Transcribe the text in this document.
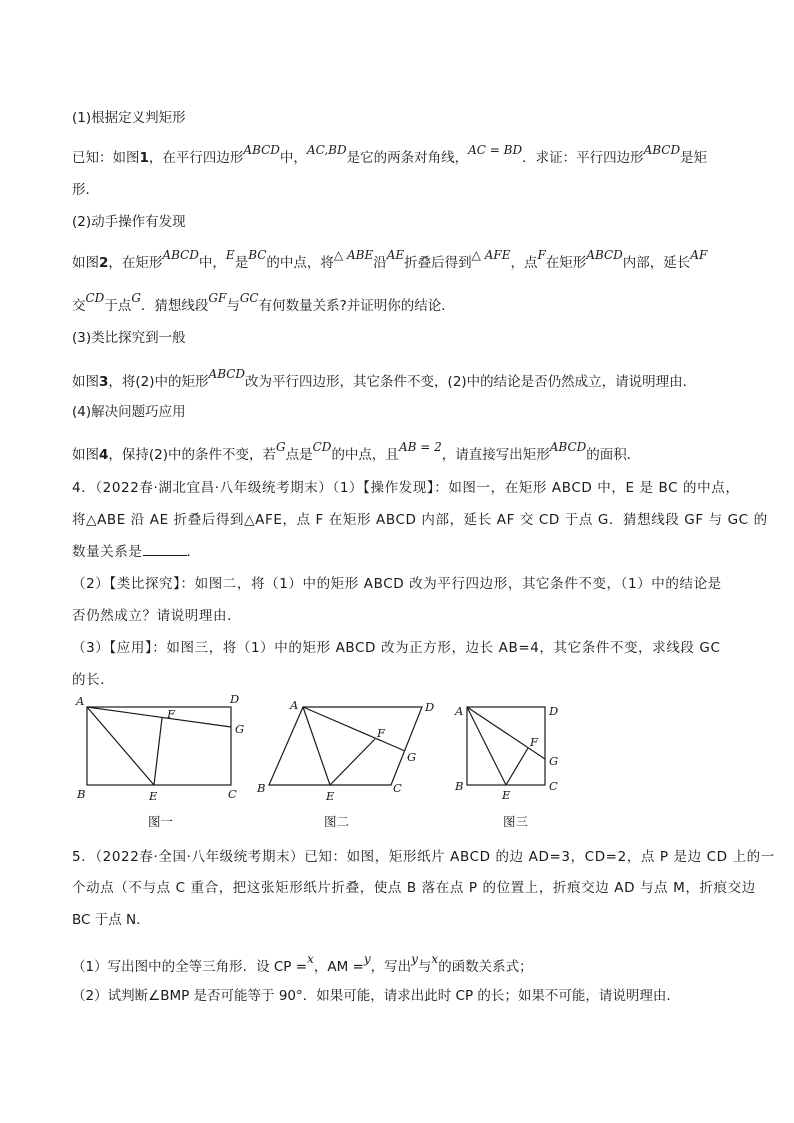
(1)根据定义判矩形
已知：如图1，在平行四边形ABCD中，AC,BD是它的两条对角线，AC = BD．求证：平行四边形ABCD是矩
形．
(2)动手操作有发现
如图2，在矩形ABCD中，E是BC的中点，将△ ABE沿AE折叠后得到△ AFE，点F在矩形ABCD内部，延长AF
交CD于点G．猜想线段GF与GC有何数量关系?并证明你的结论．
(3)类比探究到一般
如图3，将(2)中的矩形ABCD改为平行四边形，其它条件不变，(2)中的结论是否仍然成立，请说明理由．
(4)解决问题巧应用
如图4，保持(2)中的条件不变，若G点是CD的中点，且AB = 2，请直接写出矩形ABCD的面积．
4．（2022春·湖北宜昌·八年级统考期末）（1）【操作发现】：如图一，在矩形 ABCD 中，E 是 BC 的中点，
将△ABE 沿 AE 折叠后得到△AFE，点 F 在矩形 ABCD 内部，延长 AF 交 CD 于点 G．猜想线段 GF 与 GC 的
数量关系是	．
（2）【类比探究】：如图二，将（1）中的矩形 ABCD 改为平行四边形，其它条件不变，（1）中的结论是
否仍然成立？请说明理由．
（3）【应用】：如图三，将（1）中的矩形 ABCD 改为正方形，边长 AB=4，其它条件不变，求线段 GC
的长．
A	D
F
G
B	E	C
图一
A	D
F
G
B
E
C
图二
A	D
F
G
B
E
C
图三
5．（2022春·全国·八年级统考期末）已知：如图，矩形纸片 ABCD 的边 AD=3，CD=2，点 P 是边 CD 上的一
个动点（不与点 C 重合，把这张矩形纸片折叠，使点 B 落在点 P 的位置上，折痕交边 AD 与点 M，折痕交边
BC 于点 N．
（1）写出图中的全等三角形．设 CP =x，AM =y，写出y与x的函数关系式；
（2）试判断∠BMP 是否可能等于 90°．如果可能，请求出此时 CP 的长；如果不可能，请说明理由．
